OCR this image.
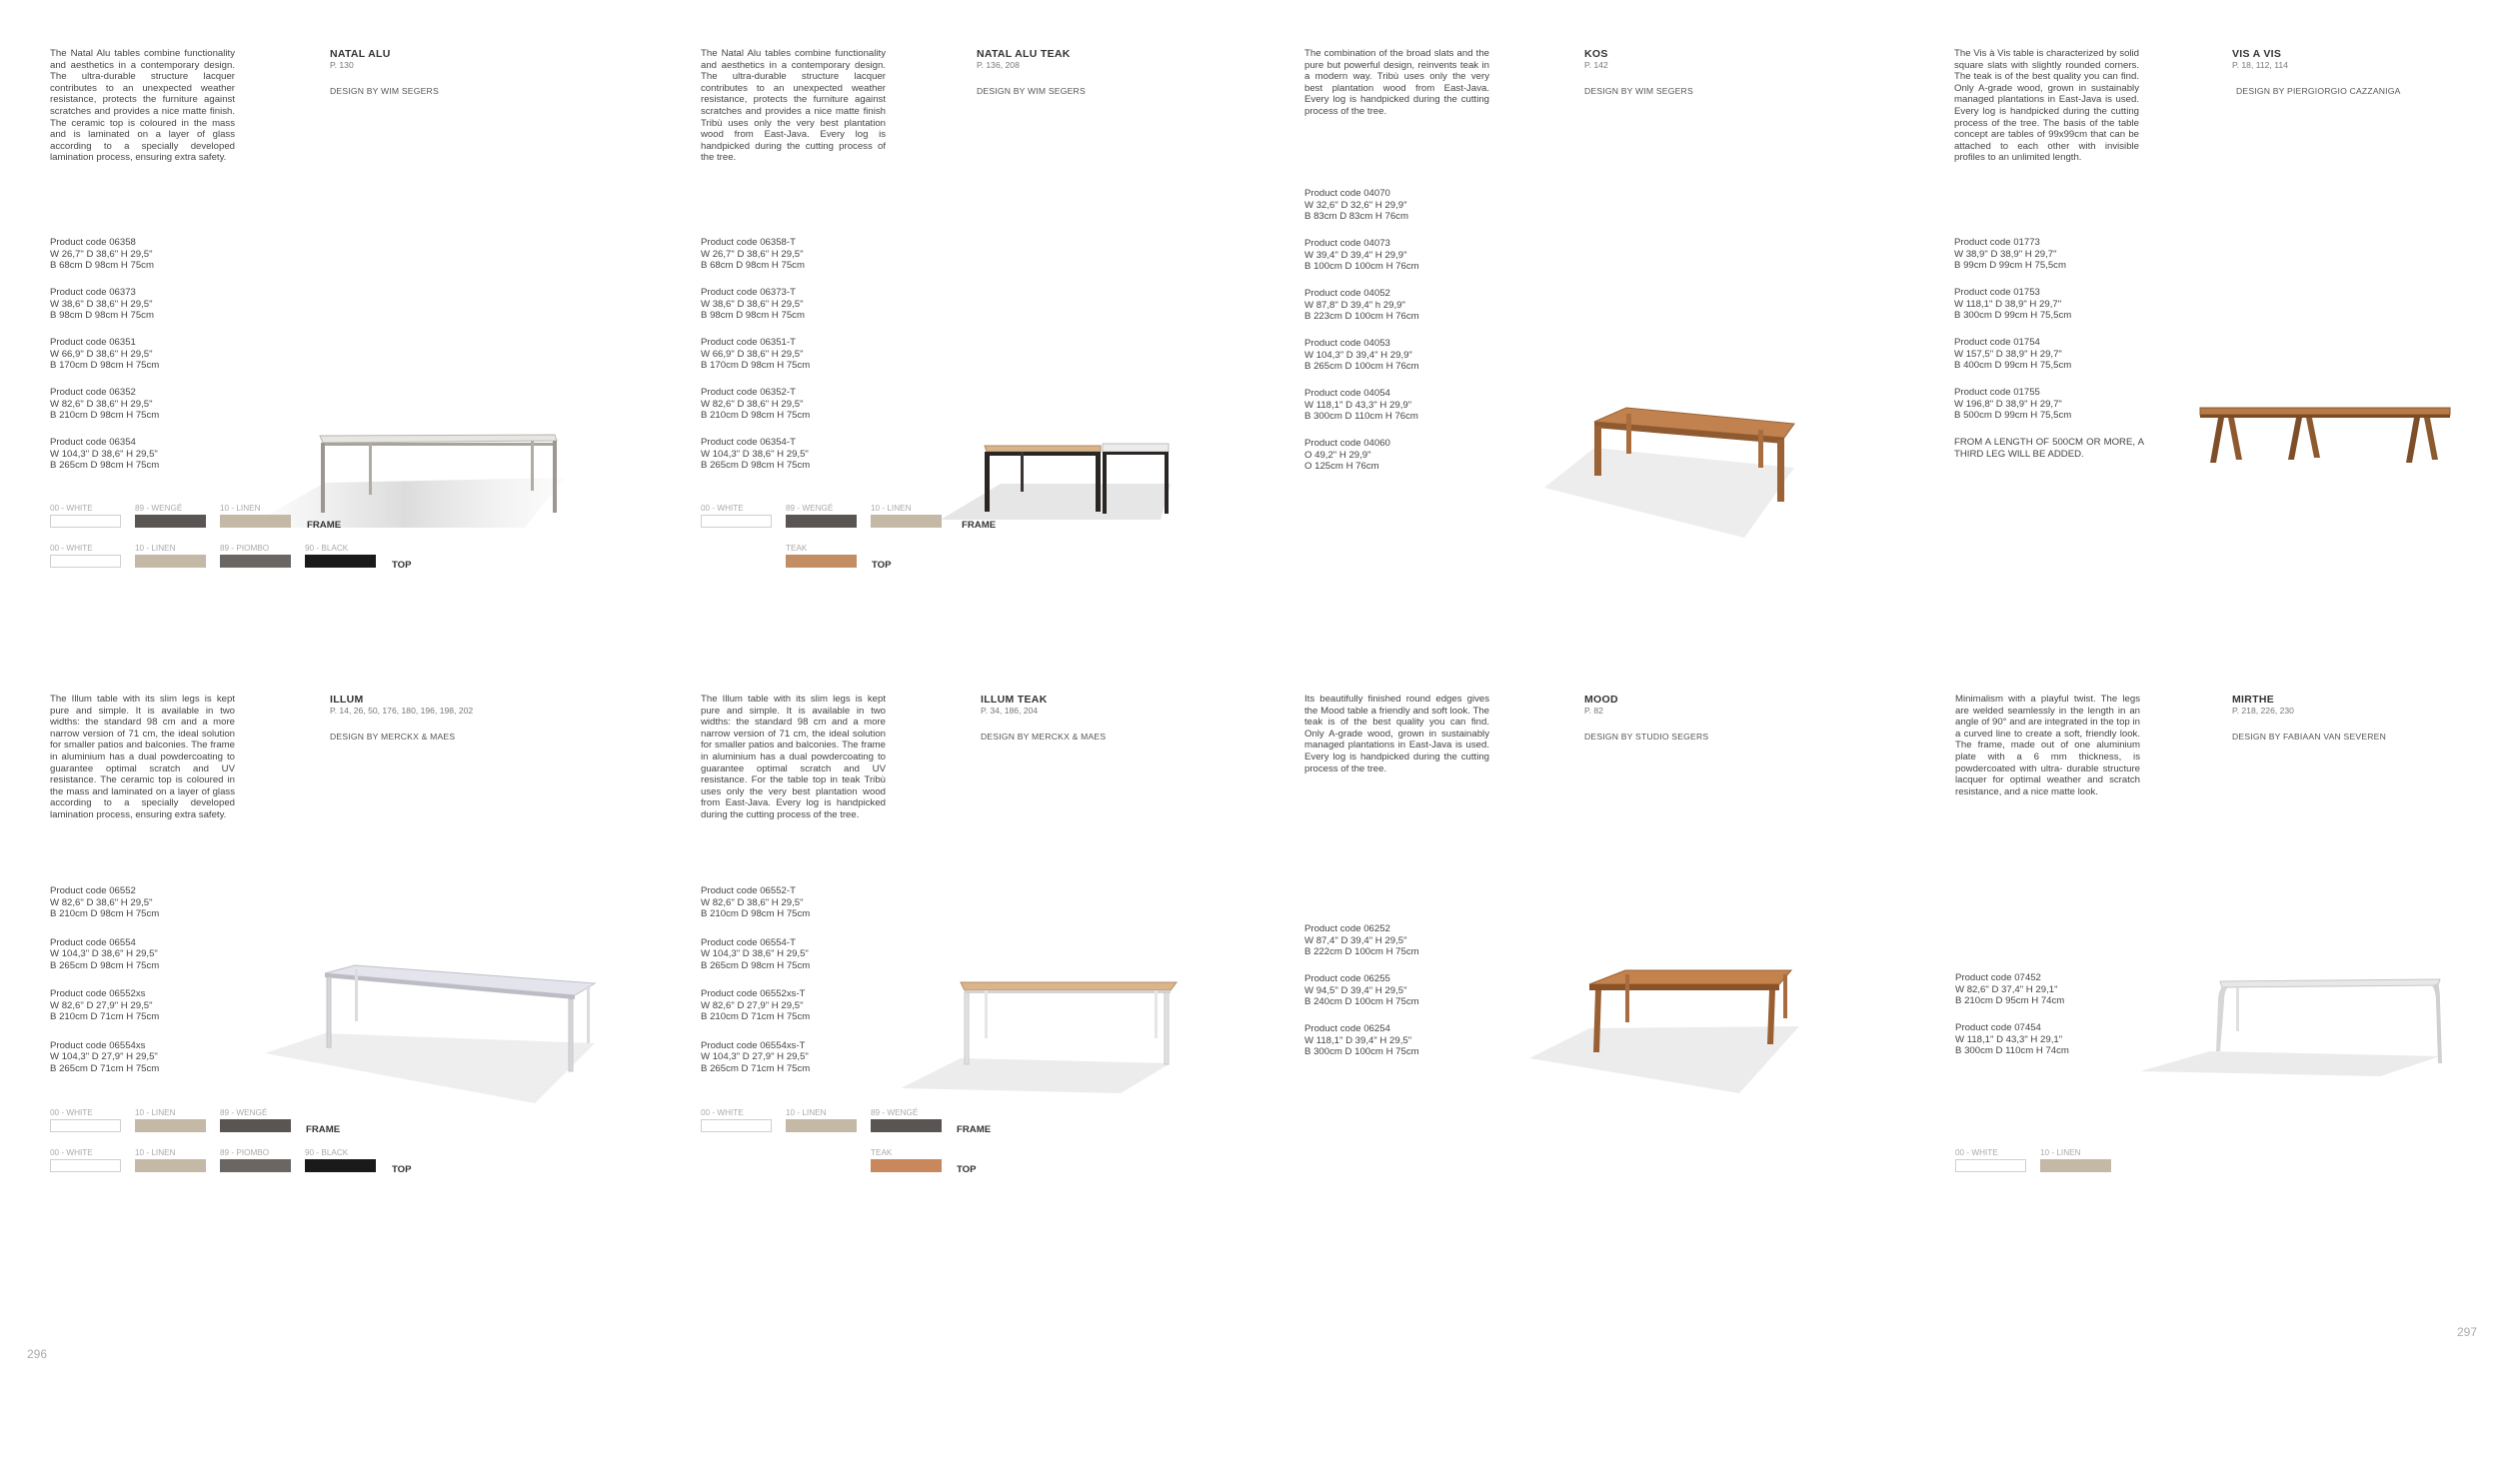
The Natal Alu tables combine functionality and aesthetics in a contemporary design. The ultra-durable structure lacquer contributes to an unexpected weather resistance, protects the furniture against scratches and provides a nice matte finish. The ceramic top is coloured in the mass and is laminated on a layer of glass according to a specially developed lamination process, ensuring extra safety.
NATAL ALU
P. 130
DESIGN BY WIM SEGERS
Product code 06358
W 26,7" D 38,6" H 29,5"
B 68cm D 98cm H 75cm
Product code 06373
W 38,6" D 38,6" H 29,5"
B 98cm D 98cm H 75cm
Product code 06351
W 66,9" D 38,6" H 29,5"
B 170cm D 98cm H 75cm
Product code 06352
W 82,6" D 38,6" H 29,5"
B 210cm D 98cm H 75cm
Product code 06354
W 104,3" D 38,6" H 29,5"
B 265cm D 98cm H 75cm
00 - WHITE	89 - WENGÉ	10 - LINEN
FRAME
00 - WHITE	10 - LINEN	89 - PIOMBO	90 - BLACK
TOP
The Natal Alu tables combine functionality and aesthetics in a contemporary design. The ultra-durable structure lacquer contributes to an unexpected weather resistance, protects the furniture against scratches and provides a nice matte finish Tribù uses only the very best plantation wood from East-Java. Every log is handpicked during the cutting process of the tree.
NATAL ALU TEAK
P. 136, 208
DESIGN BY WIM SEGERS
Product code 06358-T
W 26,7" D 38,6" H 29,5"
B 68cm D 98cm H 75cm
Product code 06373-T
W 38,6" D 38,6" H 29,5"
B 98cm D 98cm H 75cm
Product code 06351-T
W 66,9" D 38,6" H 29,5"
B 170cm D 98cm H 75cm
Product code 06352-T
W 82,6" D 38,6" H 29,5"
B 210cm D 98cm H 75cm
Product code 06354-T
W 104,3" D 38,6" H 29,5"
B 265cm D 98cm H 75cm
00 - WHITE	89 - WENGÉ	10 - LINEN
FRAME
TEAK
TOP
The combination of the broad slats and the pure but powerful design, reinvents teak in a modern way. Tribù uses only the very best plantation wood from East-Java. Every log is handpicked during the cutting process of the tree.
KOS
P. 142
DESIGN BY WIM SEGERS
Product code 04070
W 32,6" D 32,6" H 29,9"
B 83cm D 83cm H 76cm
Product code 04073
W 39,4" D 39,4" H 29,9"
B 100cm D 100cm H 76cm
Product code 04052
W 87,8" D 39,4" h 29,9"
B 223cm D 100cm H 76cm
Product code 04053
W 104,3" D 39,4" H 29,9"
B 265cm D 100cm H 76cm
Product code 04054
W 118,1" D 43,3" H 29,9"
B 300cm D 110cm H 76cm
Product code 04060
O 49,2" H 29,9"
O 125cm H 76cm
The Vis à Vis table is characterized by solid square slats with slightly rounded corners. The teak is of the best quality you can find. Only A-grade wood, grown in sustainably managed plantations in East-Java is used. Every log is handpicked during the cutting process of the tree. The basis of the table concept are tables of 99x99cm that can be attached to each other with invisible profiles to an unlimited length.
VIS A VIS
P. 18, 112, 114
DESIGN BY PIERGIORGIO CAZZANIGA
Product code 01773
W 38,9" D 38,9" H 29,7"
B 99cm D 99cm H 75,5cm
Product code 01753
W 118,1" D 38,9" H 29,7"
B 300cm D 99cm H 75,5cm
Product code 01754
W 157,5" D 38,9" H 29,7"
B 400cm D 99cm H 75,5cm
Product code 01755
W 196,8" D 38,9" H 29,7"
B 500cm D 99cm H 75,5cm
FROM A LENGTH OF 500CM OR MORE, A THIRD LEG WILL BE ADDED.
The Illum table with its slim legs is kept pure and simple. It is available in two widths: the standard 98 cm and a more narrow version of 71 cm, the ideal solution for smaller patios and balconies. The frame in aluminium has a dual powdercoating to guarantee optimal scratch and UV resistance. The ceramic top is coloured in the mass and laminated on a layer of glass according to a specially developed lamination process, ensuring extra safety.
ILLUM
P. 14, 26, 50, 176, 180, 196, 198, 202
DESIGN BY MERCKX & MAES
Product code 06552
W 82,6" D 38,6" H 29,5"
B 210cm D 98cm H 75cm
Product code 06554
W 104,3" D 38,6" H 29,5"
B 265cm D 98cm H 75cm
Product code 06552xs
W 82,6" D 27,9" H 29,5"
B 210cm D 71cm H 75cm
Product code 06554xs
W 104,3" D 27,9" H 29,5"
B 265cm D 71cm H 75cm
00 - WHITE	10 - LINEN	89 - WENGÉ
FRAME
00 - WHITE	10 - LINEN	89 - PIOMBO	90 - BLACK
TOP
The Illum table with its slim legs is kept pure and simple. It is available in two widths: the standard 98 cm and a more narrow version of 71 cm, the ideal solution for smaller patios and balconies. The frame in aluminium has a dual powdercoating to guarantee optimal scratch and UV resistance. For the table top in teak Tribù uses only the very best plantation wood from East-Java. Every log is handpicked during the cutting process of the tree.
ILLUM TEAK
P. 34, 186, 204
DESIGN BY MERCKX & MAES
Product code 06552-T
W 82,6" D 38,6" H 29,5"
B 210cm D 98cm H 75cm
Product code 06554-T
W 104,3" D 38,6" H 29,5"
B 265cm D 98cm H 75cm
Product code 06552xs-T
W 82,6" D 27,9" H 29,5"
B 210cm D 71cm H 75cm
Product code 06554xs-T
W 104,3" D 27,9" H 29,5"
B 265cm D 71cm H 75cm
00 - WHITE	10 - LINEN	89 - WENGÉ
FRAME
TEAK
TOP
Its beautifully finished round edges gives the Mood table a friendly and soft look. The teak is of the best quality you can find. Only A-grade wood, grown in sustainably managed plantations in East-Java is used. Every log is handpicked during the cutting process of the tree.
MOOD
P. 82
DESIGN BY STUDIO SEGERS
Product code 06252
W 87,4" D 39,4" H 29,5"
B 222cm D 100cm H 75cm
Product code 06255
W 94,5" D 39,4" H 29,5"
B 240cm D 100cm H 75cm
Product code 06254
W 118,1" D 39,4" H 29,5"
B 300cm D 100cm H 75cm
Minimalism with a playful twist. The legs are welded seamlessly in the length in an angle of 90° and are integrated in the top in a curved line to create a soft, friendly look. The frame, made out of one aluminium plate with a 6 mm thickness, is powdercoated with ultra- durable structure lacquer for optimal weather and scratch resistance, and a nice matte look.
MIRTHE
P. 218, 226, 230
DESIGN BY FABIAAN VAN SEVEREN
Product code 07452
W 82,6" D 37,4" H 29,1"
B 210cm D 95cm H 74cm
Product code 07454
W 118,1" D 43,3" H 29,1"
B 300cm D 110cm H 74cm
00 - WHITE	10 - LINEN
296
297
